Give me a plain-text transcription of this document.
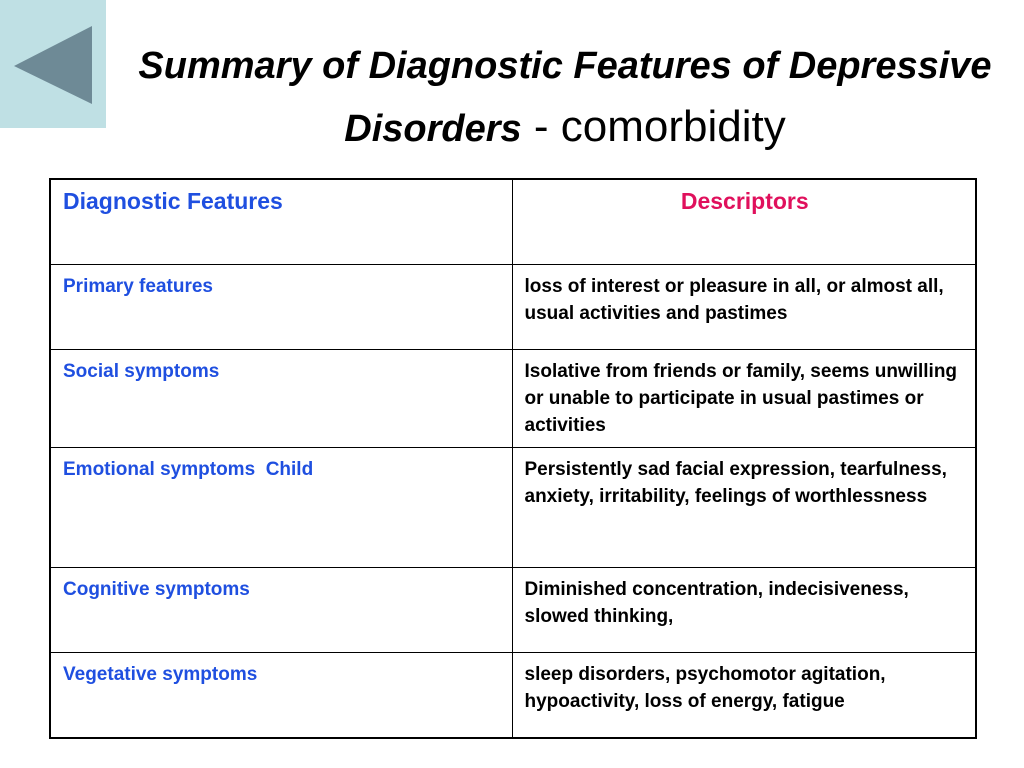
Summary of Diagnostic Features of Depressive Disorders - comorbidity
Diagnostic Features	Descriptors
Primary features	loss of interest or pleasure in all, or almost all, usual activities and pastimes
Social symptoms	Isolative from friends or family, seems unwilling or unable to participate in usual pastimes or activities
Emotional symptoms  Child	Persistently sad facial expression, tearfulness, anxiety, irritability, feelings of worthlessness
Cognitive symptoms	Diminished concentration, indecisiveness, slowed thinking,
Vegetative symptoms	sleep disorders, psychomotor agitation, hypoactivity, loss of energy, fatigue
